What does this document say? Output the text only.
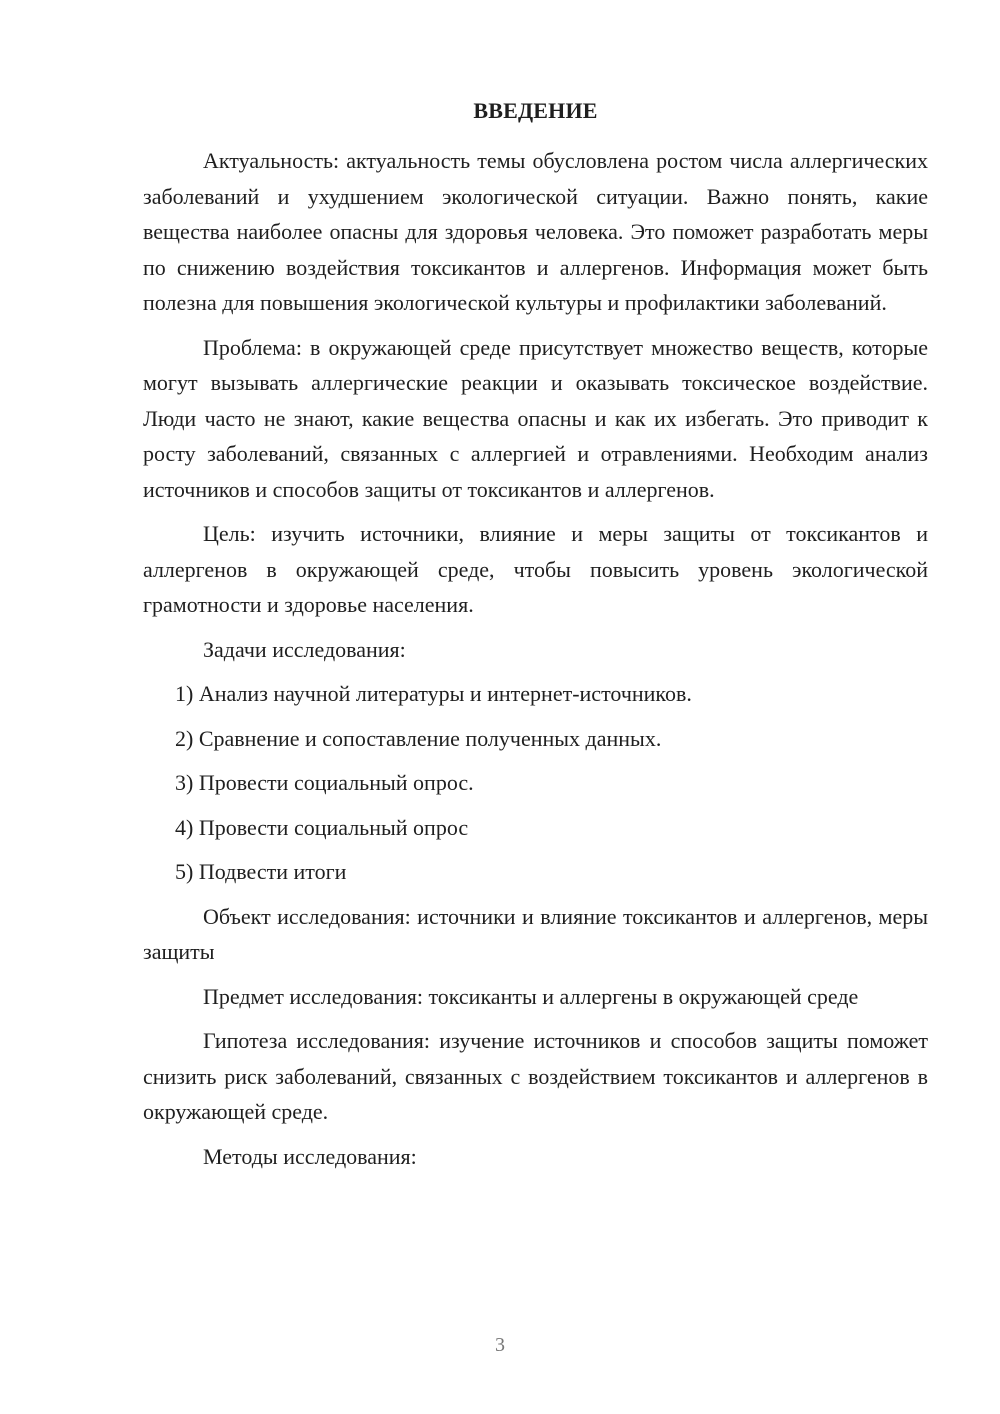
ВВЕДЕНИЕ

Актуальность: актуальность темы обусловлена ростом числа аллергических заболеваний и ухудшением экологической ситуации. Важно понять, какие вещества наиболее опасны для здоровья человека. Это поможет разработать меры по снижению воздействия токсикантов и аллергенов. Информация может быть полезна для повышения экологической культуры и профилактики заболеваний.

Проблема: в окружающей среде присутствует множество веществ, которые могут вызывать аллергические реакции и оказывать токсическое воздействие. Люди часто не знают, какие вещества опасны и как их избегать. Это приводит к росту заболеваний, связанных с аллергией и отравлениями. Необходим анализ источников и способов защиты от токсикантов и аллергенов.

Цель: изучить источники, влияние и меры защиты от токсикантов и аллергенов в окружающей среде, чтобы повысить уровень экологической грамотности и здоровье населения.

Задачи исследования:

1) Анализ научной литературы и интернет-источников.
2) Сравнение и сопоставление полученных данных.
3) Провести социальный опрос.
4) Провести социальный опрос
5) Подвести итоги

Объект исследования: источники и влияние токсикантов и аллергенов, меры защиты

Предмет исследования: токсиканты и аллергены в окружающей среде

Гипотеза исследования: изучение источников и способов защиты поможет снизить риск заболеваний, связанных с воздействием токсикантов и аллергенов в окружающей среде.

Методы исследования:

3
